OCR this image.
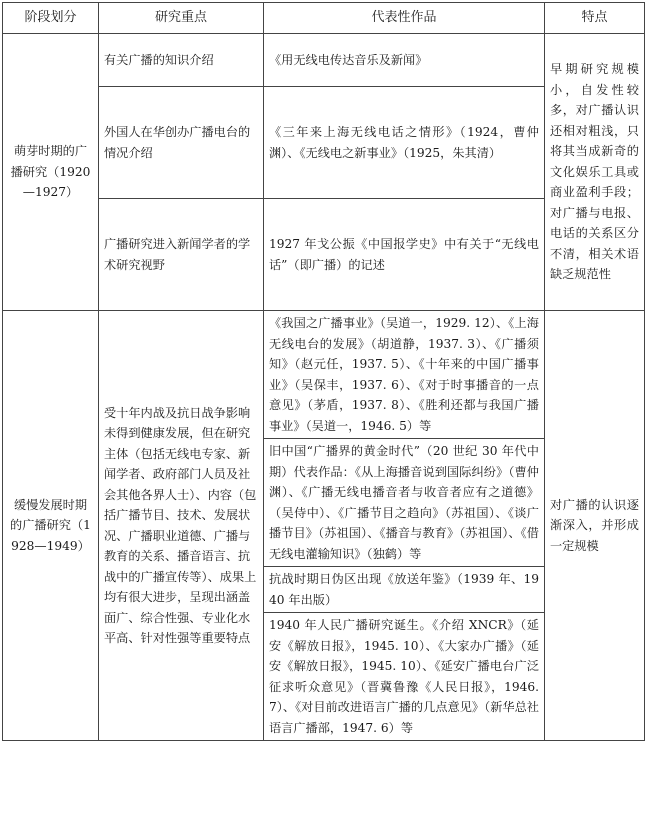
阶段划分	研究重点	代表性作品	特点
萌芽时期的广播研究（1920—1927）	有关广播的知识介绍	《用无线电传达音乐及新闻》	早期研究规模小，自发性较多，对广播认识还相对粗浅，只将其当成新奇的文化娱乐工具或商业盈利手段；对广播与电报、电话的关系区分不清，相关术语缺乏规范性
	外国人在华创办广播电台的情况介绍	《三年来上海无线电话之情形》（1924，曹仲渊）、《无线电之新事业》（1925，朱其清）	
	广播研究进入新闻学者的学术研究视野	1927 年戈公振《中国报学史》中有关于“无线电话”（即广播）的记述	
缓慢发展时期的广播研究（1928—1949）	受十年内战及抗日战争影响未得到健康发展，但在研究主体（包括无线电专家、新闻学者、政府部门人员及社会其他各界人士）、内容（包括广播节目、技术、发展状况、广播职业道德、广播与教育的关系、播音语言、抗战中的广播宣传等）、成果上均有很大进步，呈现出涵盖面广、综合性强、专业化水平高、针对性强等重要特点	《我国之广播事业》（吴道一，1929. 12）、《上海无线电台的发展》（胡道静，1937. 3）、《广播须知》（赵元任，1937. 5）、《十年来的中国广播事业》（吴保丰，1937. 6）、《对于时事播音的一点意见》（茅盾，1937. 8）、《胜利还都与我国广播事业》（吴道一，1946. 5）等	对广播的认识逐渐深入，并形成一定规模
		旧中国“广播界的黄金时代”（20 世纪 30 年代中期）代表作品：《从上海播音说到国际纠纷》（曹仲渊）、《广播无线电播音者与收音者应有之道德》（吴侍中）、《广播节目之趋向》（苏祖国）、《谈广播节目》（苏祖国）、《播音与教育》（苏祖国）、《借无线电灌输知识》（独鹤）等	
		抗战时期日伪区出现《放送年鉴》（1939 年、1940 年出版）	
		1940 年人民广播研究诞生。《介绍 XNCR》（延安《解放日报》，1945. 10）、《大家办广播》（延安《解放日报》，1945. 10）、《延安广播电台广泛征求听众意见》（晋冀鲁豫《人民日报》，1946. 7）、《对目前改进语言广播的几点意见》（新华总社语言广播部，1947. 6）等	
